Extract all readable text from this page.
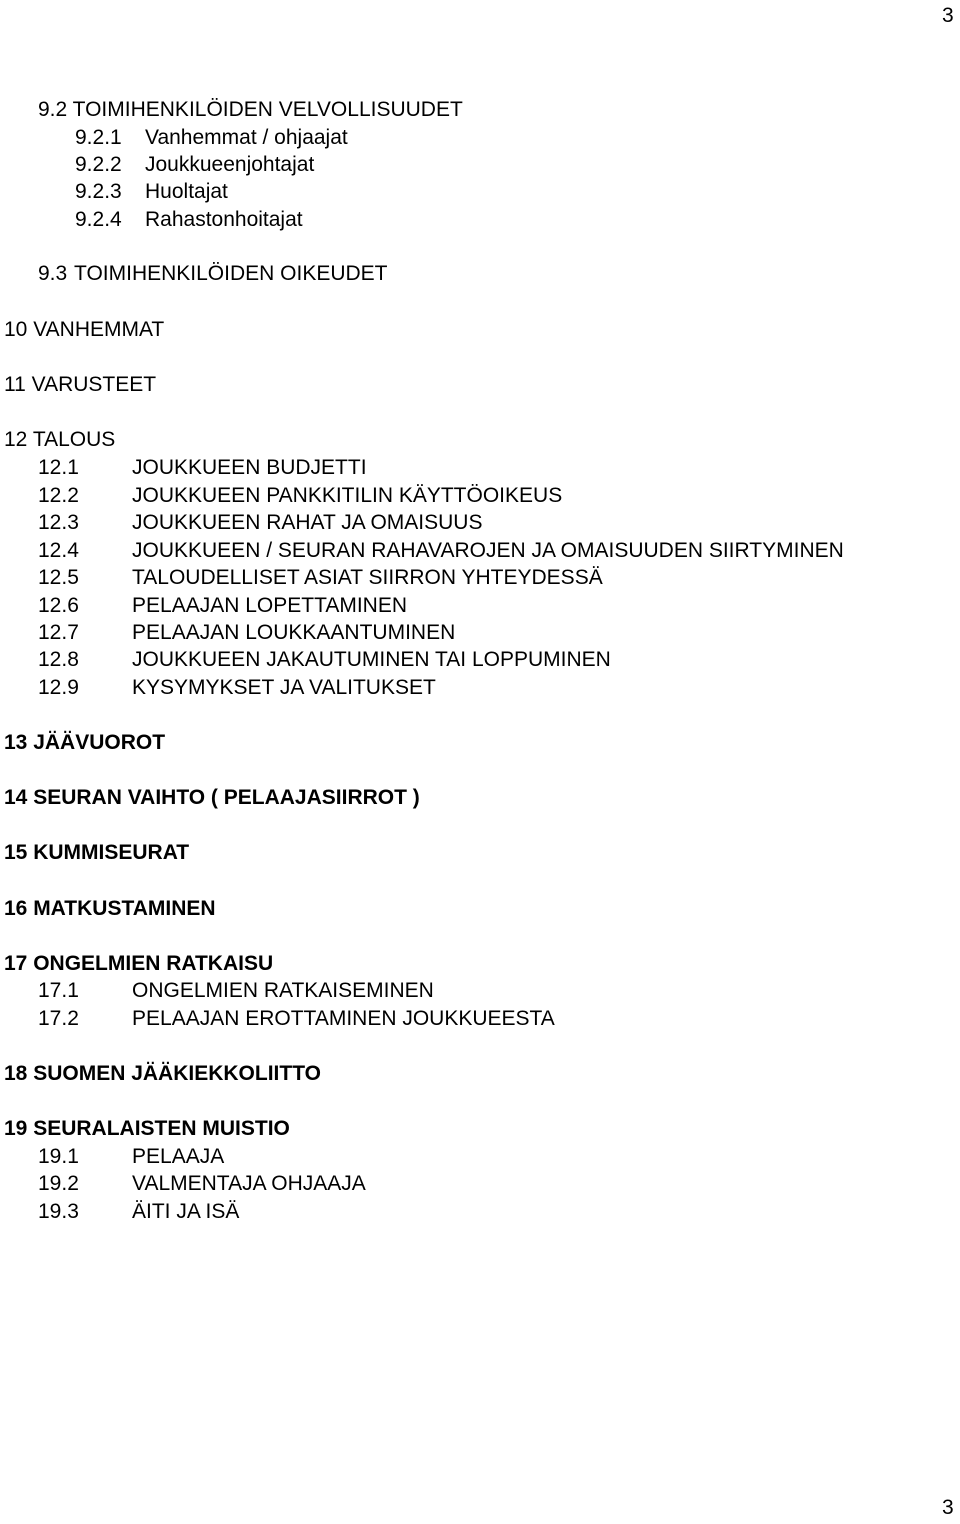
3
3
9.2 TOIMIHENKILÖIDEN VELVOLLISUUDET
9.2.1 Vanhemmat / ohjaajat
9.2.2 Joukkueenjohtajat
9.2.3 Huoltajat
9.2.4 Rahastonhoitajat
9.3 TOIMIHENKILÖIDEN OIKEUDET
10 VANHEMMAT
11 VARUSTEET
12 TALOUS
12.1	JOUKKUEEN BUDJETTI
12.2	JOUKKUEEN PANKKITILIN KÄYTTÖOIKEUS
12.3	JOUKKUEEN RAHAT JA OMAISUUS
12.4	JOUKKUEEN / SEURAN RAHAVAROJEN JA OMAISUUDEN SIIRTYMINEN
12.5	TALOUDELLISET ASIAT SIIRRON YHTEYDESSÄ
12.6	PELAAJAN LOPETTAMINEN
12.7	PELAAJAN LOUKKAANTUMINEN
12.8	JOUKKUEEN JAKAUTUMINEN TAI LOPPUMINEN
12.9	KYSYMYKSET JA VALITUKSET
13 JÄÄVUOROT
14 SEURAN VAIHTO ( PELAAJASIIRROT )
15 KUMMISEURAT
16 MATKUSTAMINEN
17 ONGELMIEN RATKAISU
17.1	ONGELMIEN RATKAISEMINEN
17.2	PELAAJAN EROTTAMINEN JOUKKUEESTA
18 SUOMEN JÄÄKIEKKOLIITTO
19 SEURALAISTEN MUISTIO
19.1	PELAAJA
19.2	VALMENTAJA OHJAAJA
19.3	ÄITI JA ISÄ
